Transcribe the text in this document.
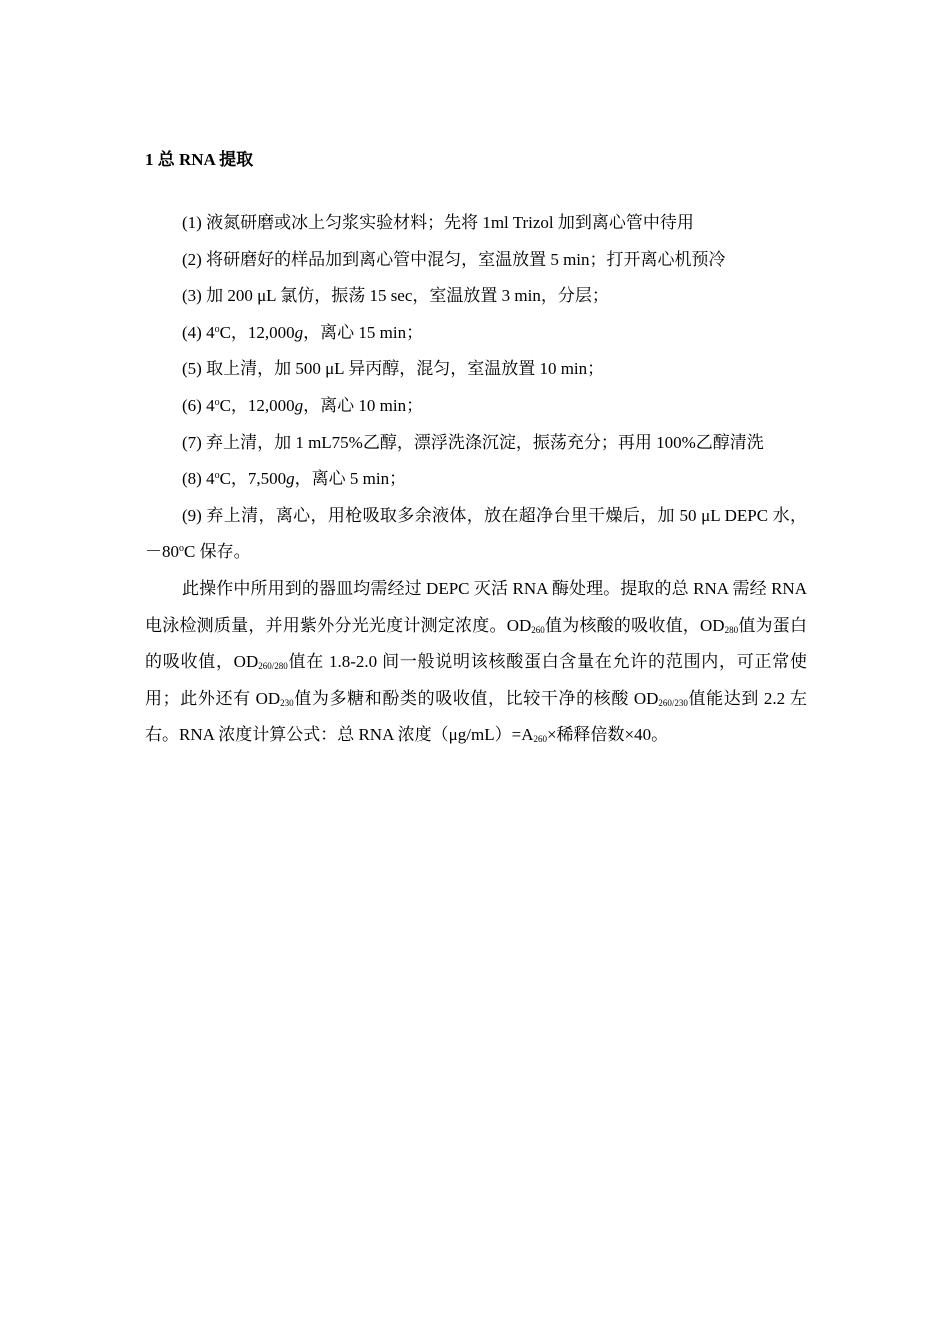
1 总 RNA 提取

(1) 液氮研磨或冰上匀浆实验材料；先将 1ml Trizol 加到离心管中待用

(2) 将研磨好的样品加到离心管中混匀，室温放置 5 min；打开离心机预冷

(3) 加 200 μL 氯仿，振荡 15 sec，室温放置 3 min，分层；

(4) 4$^o$C，12,000g，离心 15 min；

(5) 取上清，加 500 μL 异丙醇，混匀，室温放置 10 min；

(6) 4$^o$C，12,000g，离心 10 min；

(7) 弃上清，加 1 mL75%乙醇，漂浮洗涤沉淀，振荡充分；再用 100%乙醇清洗

(8) 4$^o$C，7,500g，离心 5 min；

(9) 弃上清，离心，用枪吸取多余液体，放在超净台里干燥后，加 50 μL DEPC 水，$-80^oC$ 保存。

此操作中所用到的器皿均需经过 DEPC 灭活 RNA 酶处理。提取的总 RNA 需经 RNA 电泳检测质量，并用紫外分光光度计测定浓度。$OD_{260}$值为核酸的吸收值，$OD_{280}$值为蛋白的吸收值，$OD_{260/280}$值在 1.8-2.0 间一般说明该核酸蛋白含量在允许的范围内，可正常使用；此外还有 $OD_{230}$值为多糖和酚类的吸收值，比较干净的核酸 $OD_{260/230}$值能达到 2.2 左右。RNA 浓度计算公式：总 RNA 浓度$(\mu g/mL)=A_{260}\times$稀释倍数×40。
